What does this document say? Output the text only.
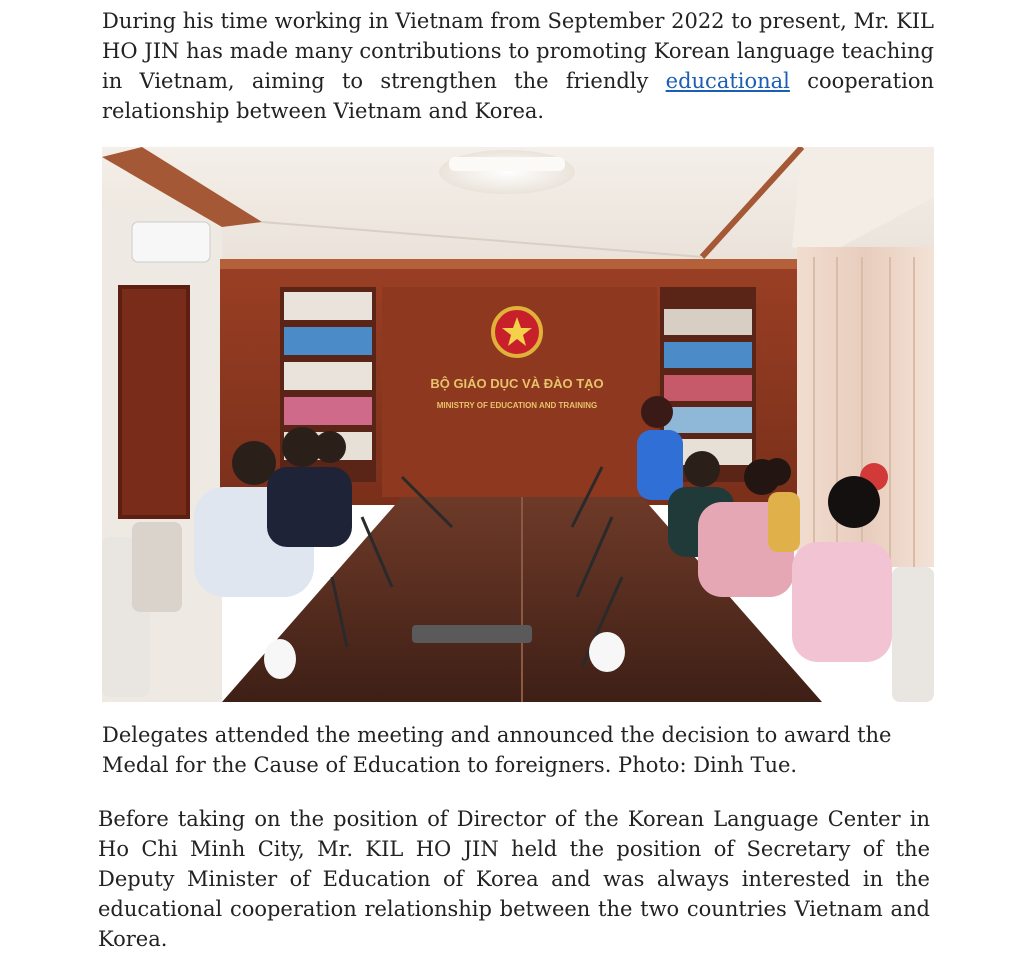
During his time working in Vietnam from September 2022 to present, Mr. KIL HO JIN has made many contributions to promoting Korean language teaching in Vietnam, aiming to strengthen the friendly educational cooperation relationship between Vietnam and Korea.

BỘ GIÁO DỤC VÀ ĐÀO TẠO
MINISTRY OF EDUCATION AND TRAINING

Delegates attended the meeting and announced the decision to award the Medal for the Cause of Education to foreigners. Photo: Dinh Tue.

Before taking on the position of Director of the Korean Language Center in Ho Chi Minh City, Mr. KIL HO JIN held the position of Secretary of the Deputy Minister of Education of Korea and was always interested in the educational cooperation relationship between the two countries Vietnam and Korea.
